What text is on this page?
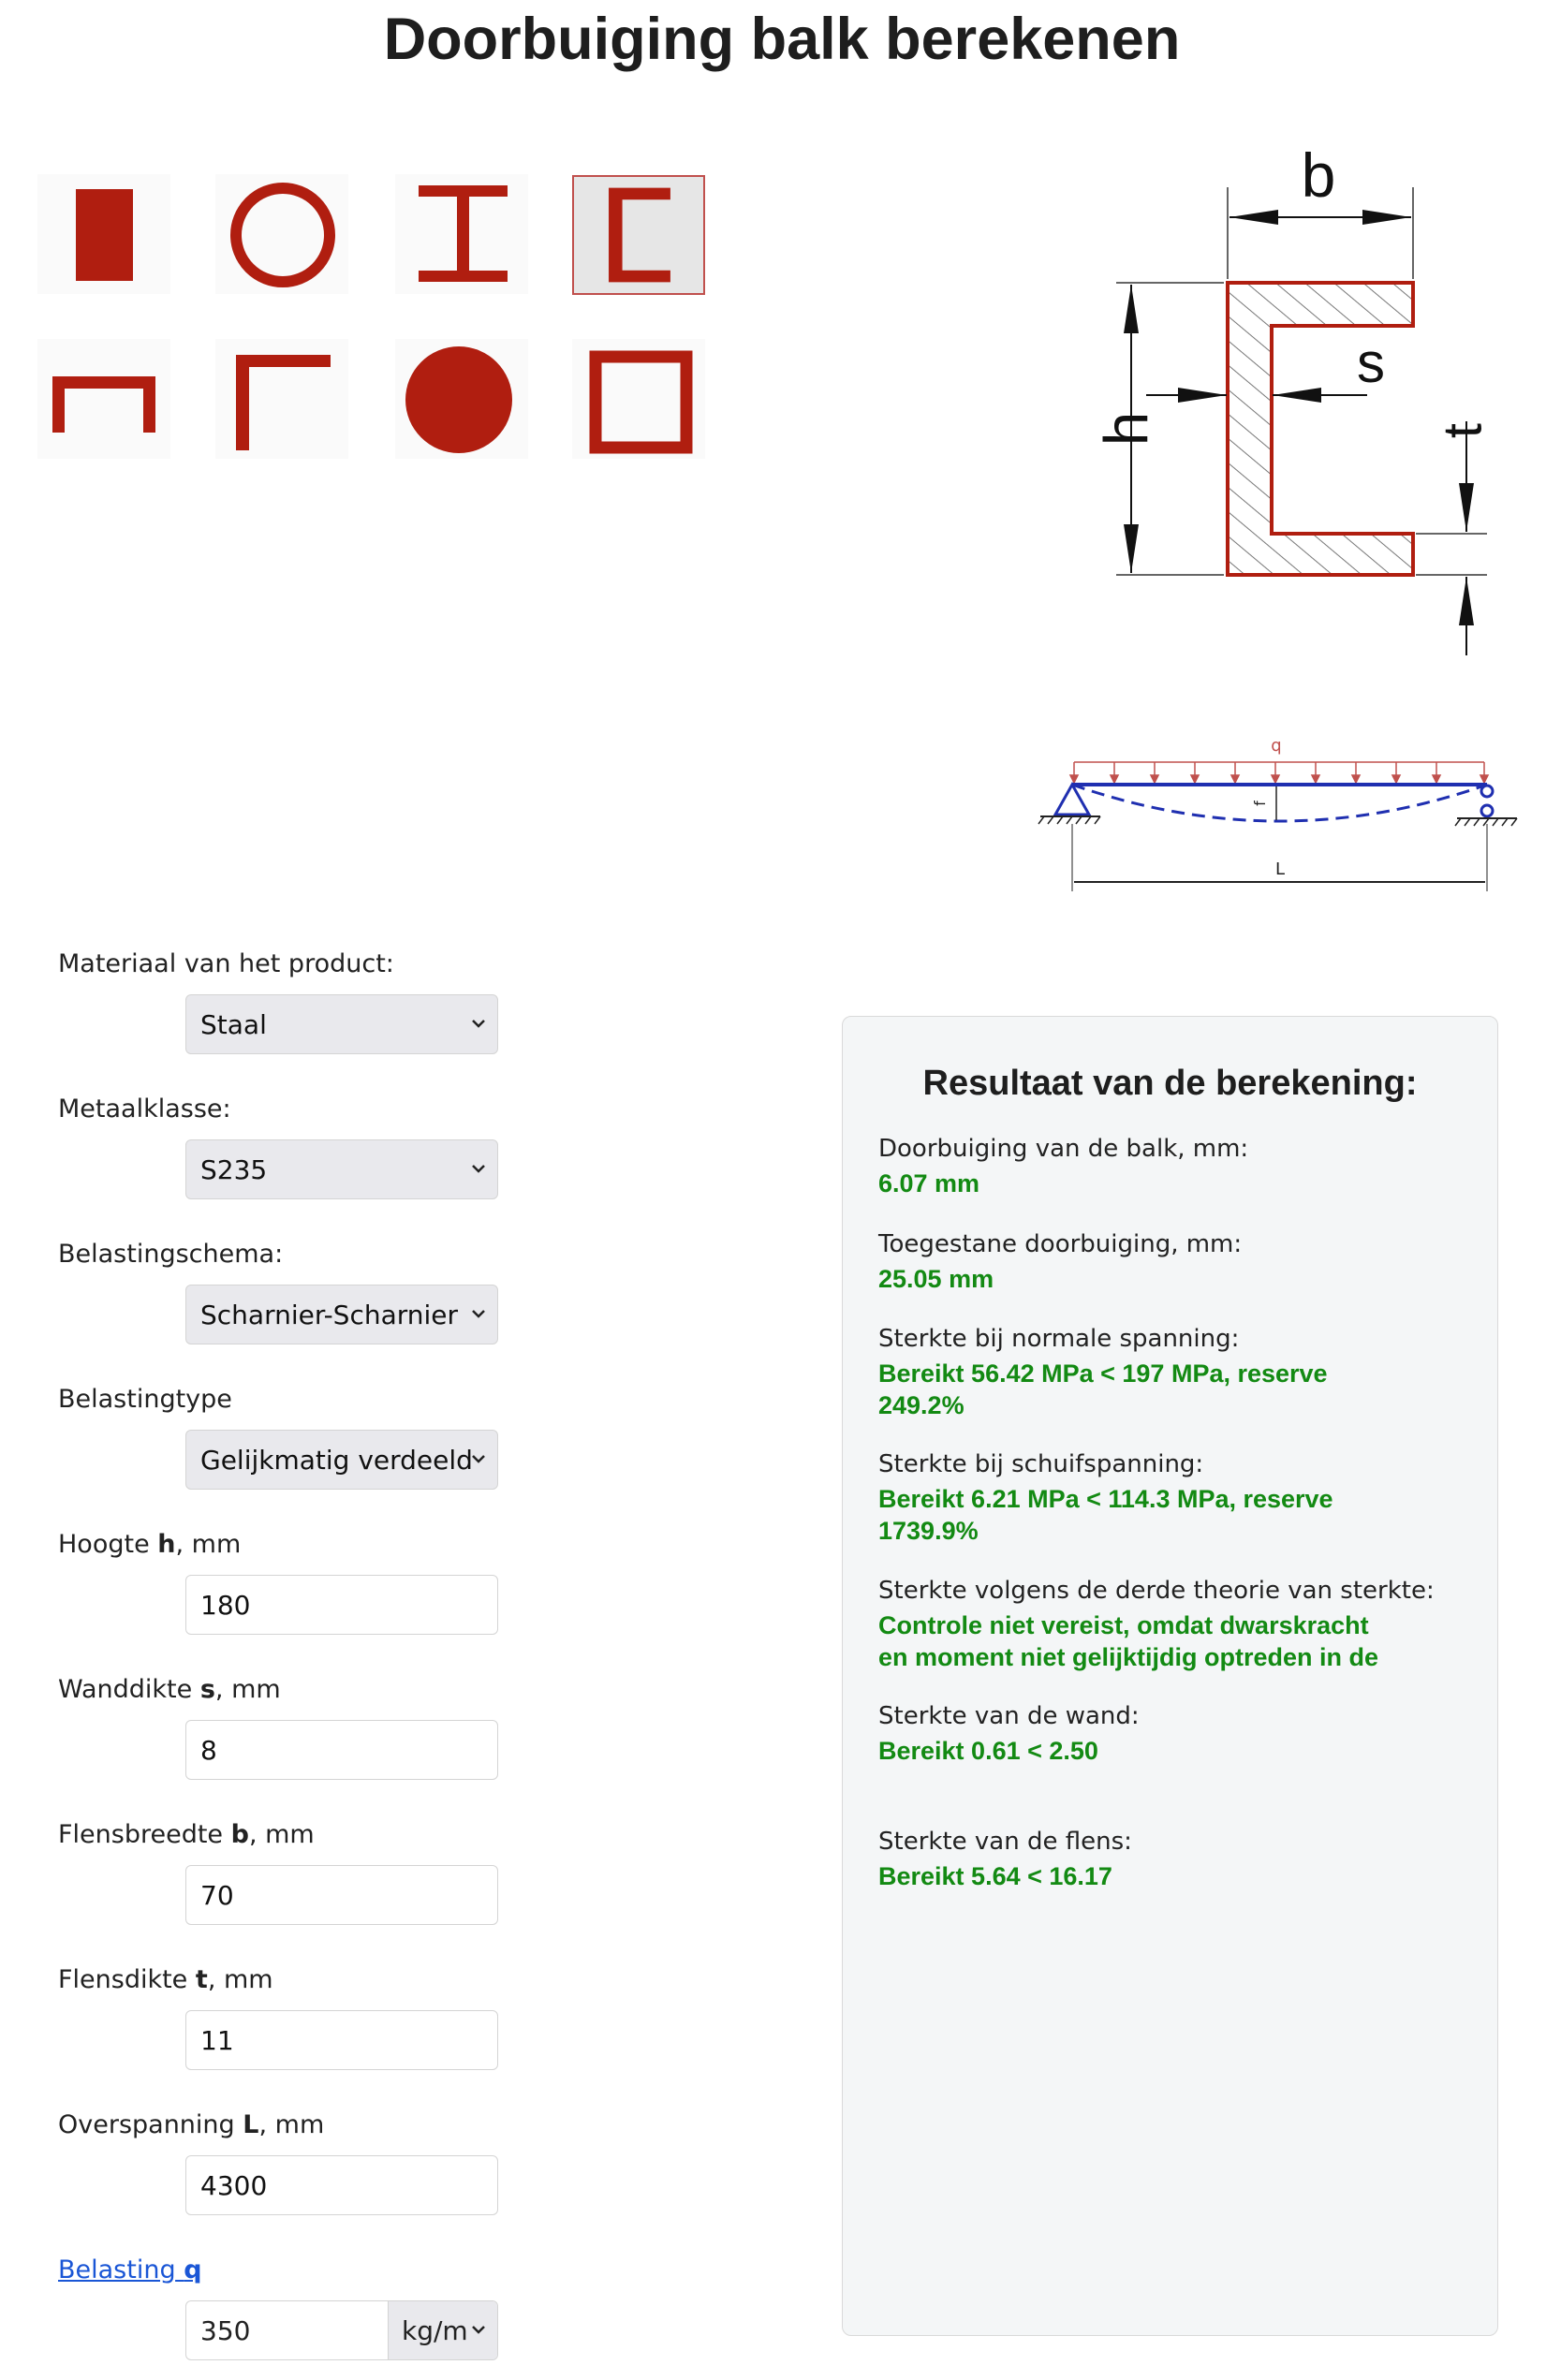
Doorbuiging balk berekenen
b
h
s
t
q
f
L
Materiaal van het product:
Staal
Metaalklasse:
S235
Belastingschema:
Scharnier-Scharnier
Belastingtype
Gelijkmatig verdeeld
Hoogte h, mm
180
Wanddikte s, mm
8
Flensbreedte b, mm
70
Flensdikte t, mm
11
Overspanning L, mm
4300
Belasting q
350	kg/m
Resultaat van de berekening:
Doorbuiging van de balk, mm:
6.07 mm
Toegestane doorbuiging, mm:
25.05 mm
Sterkte bij normale spanning:
Bereikt 56.42 MPa < 197 MPa, reserve 249.2%
Sterkte bij schuifspanning:
Bereikt 6.21 MPa < 114.3 MPa, reserve 1739.9%
Sterkte volgens de derde theorie van sterkte:
Controle niet vereist, omdat dwarskracht en moment niet gelijktijdig optreden in de
Sterkte van de wand:
Bereikt 0.61 < 2.50
Sterkte van de flens:
Bereikt 5.64 < 16.17
